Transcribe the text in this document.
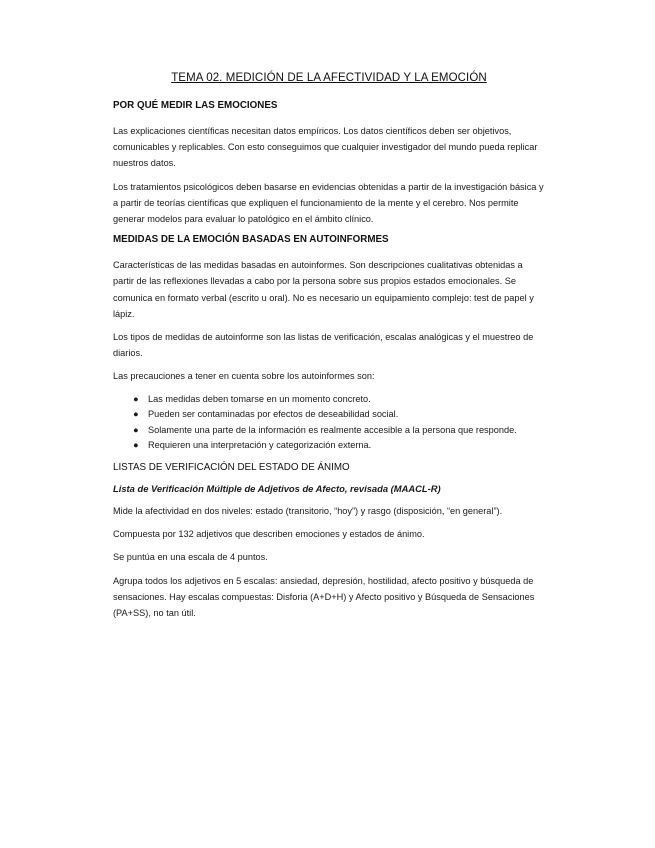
TEMA 02. MEDICIÓN DE LA AFECTIVIDAD Y LA EMOCIÓN
POR QUÉ MEDIR LAS EMOCIONES

Las explicaciones científicas necesitan datos empíricos. Los datos científicos deben ser objetivos, comunicables y replicables. Con esto conseguimos que cualquier investigador del mundo pueda replicar nuestros datos.

Los tratamientos psicológicos deben basarse en evidencias obtenidas a partir de la investigación básica y a partir de teorías científicas que expliquen el funcionamiento de la mente y el cerebro. Nos permite generar modelos para evaluar lo patológico en el ámbito clínico.

MEDIDAS DE LA EMOCIÓN BASADAS EN AUTOINFORMES

Características de las medidas basadas en autoinformes. Son descripciones cualitativas obtenidas a partir de las reflexiones llevadas a cabo por la persona sobre sus propios estados emocionales. Se comunica en formato verbal (escrito u oral). No es necesario un equipamiento complejo: test de papel y lápiz.

Los tipos de medidas de autoinforme son las listas de verificación, escalas analógicas y el muestreo de diarios.

Las precauciones a tener en cuenta sobre los autoinformes son:

● Las medidas deben tomarse en un momento concreto.
● Pueden ser contaminadas por efectos de deseabilidad social.
● Solamente una parte de la información es realmente accesible a la persona que responde.
● Requieren una interpretación y categorización externa.
LISTAS DE VERIFICACIÓN DEL ESTADO DE ÁNIMO

Lista de Verificación Múltiple de Adjetivos de Afecto, revisada (MAACL-R)

Mide la afectividad en dos niveles: estado (transitorio, “hoy”) y rasgo (disposición, “en general”).

Compuesta por 132 adjetivos que describen emociones y estados de ánimo.

Se puntúa en una escala de 4 puntos.

Agrupa todos los adjetivos en 5 escalas: ansiedad, depresión, hostilidad, afecto positivo y búsqueda de sensaciones. Hay escalas compuestas: Disforia (A+D+H) y Afecto positivo y Búsqueda de Sensaciones (PA+SS), no tan útil.
